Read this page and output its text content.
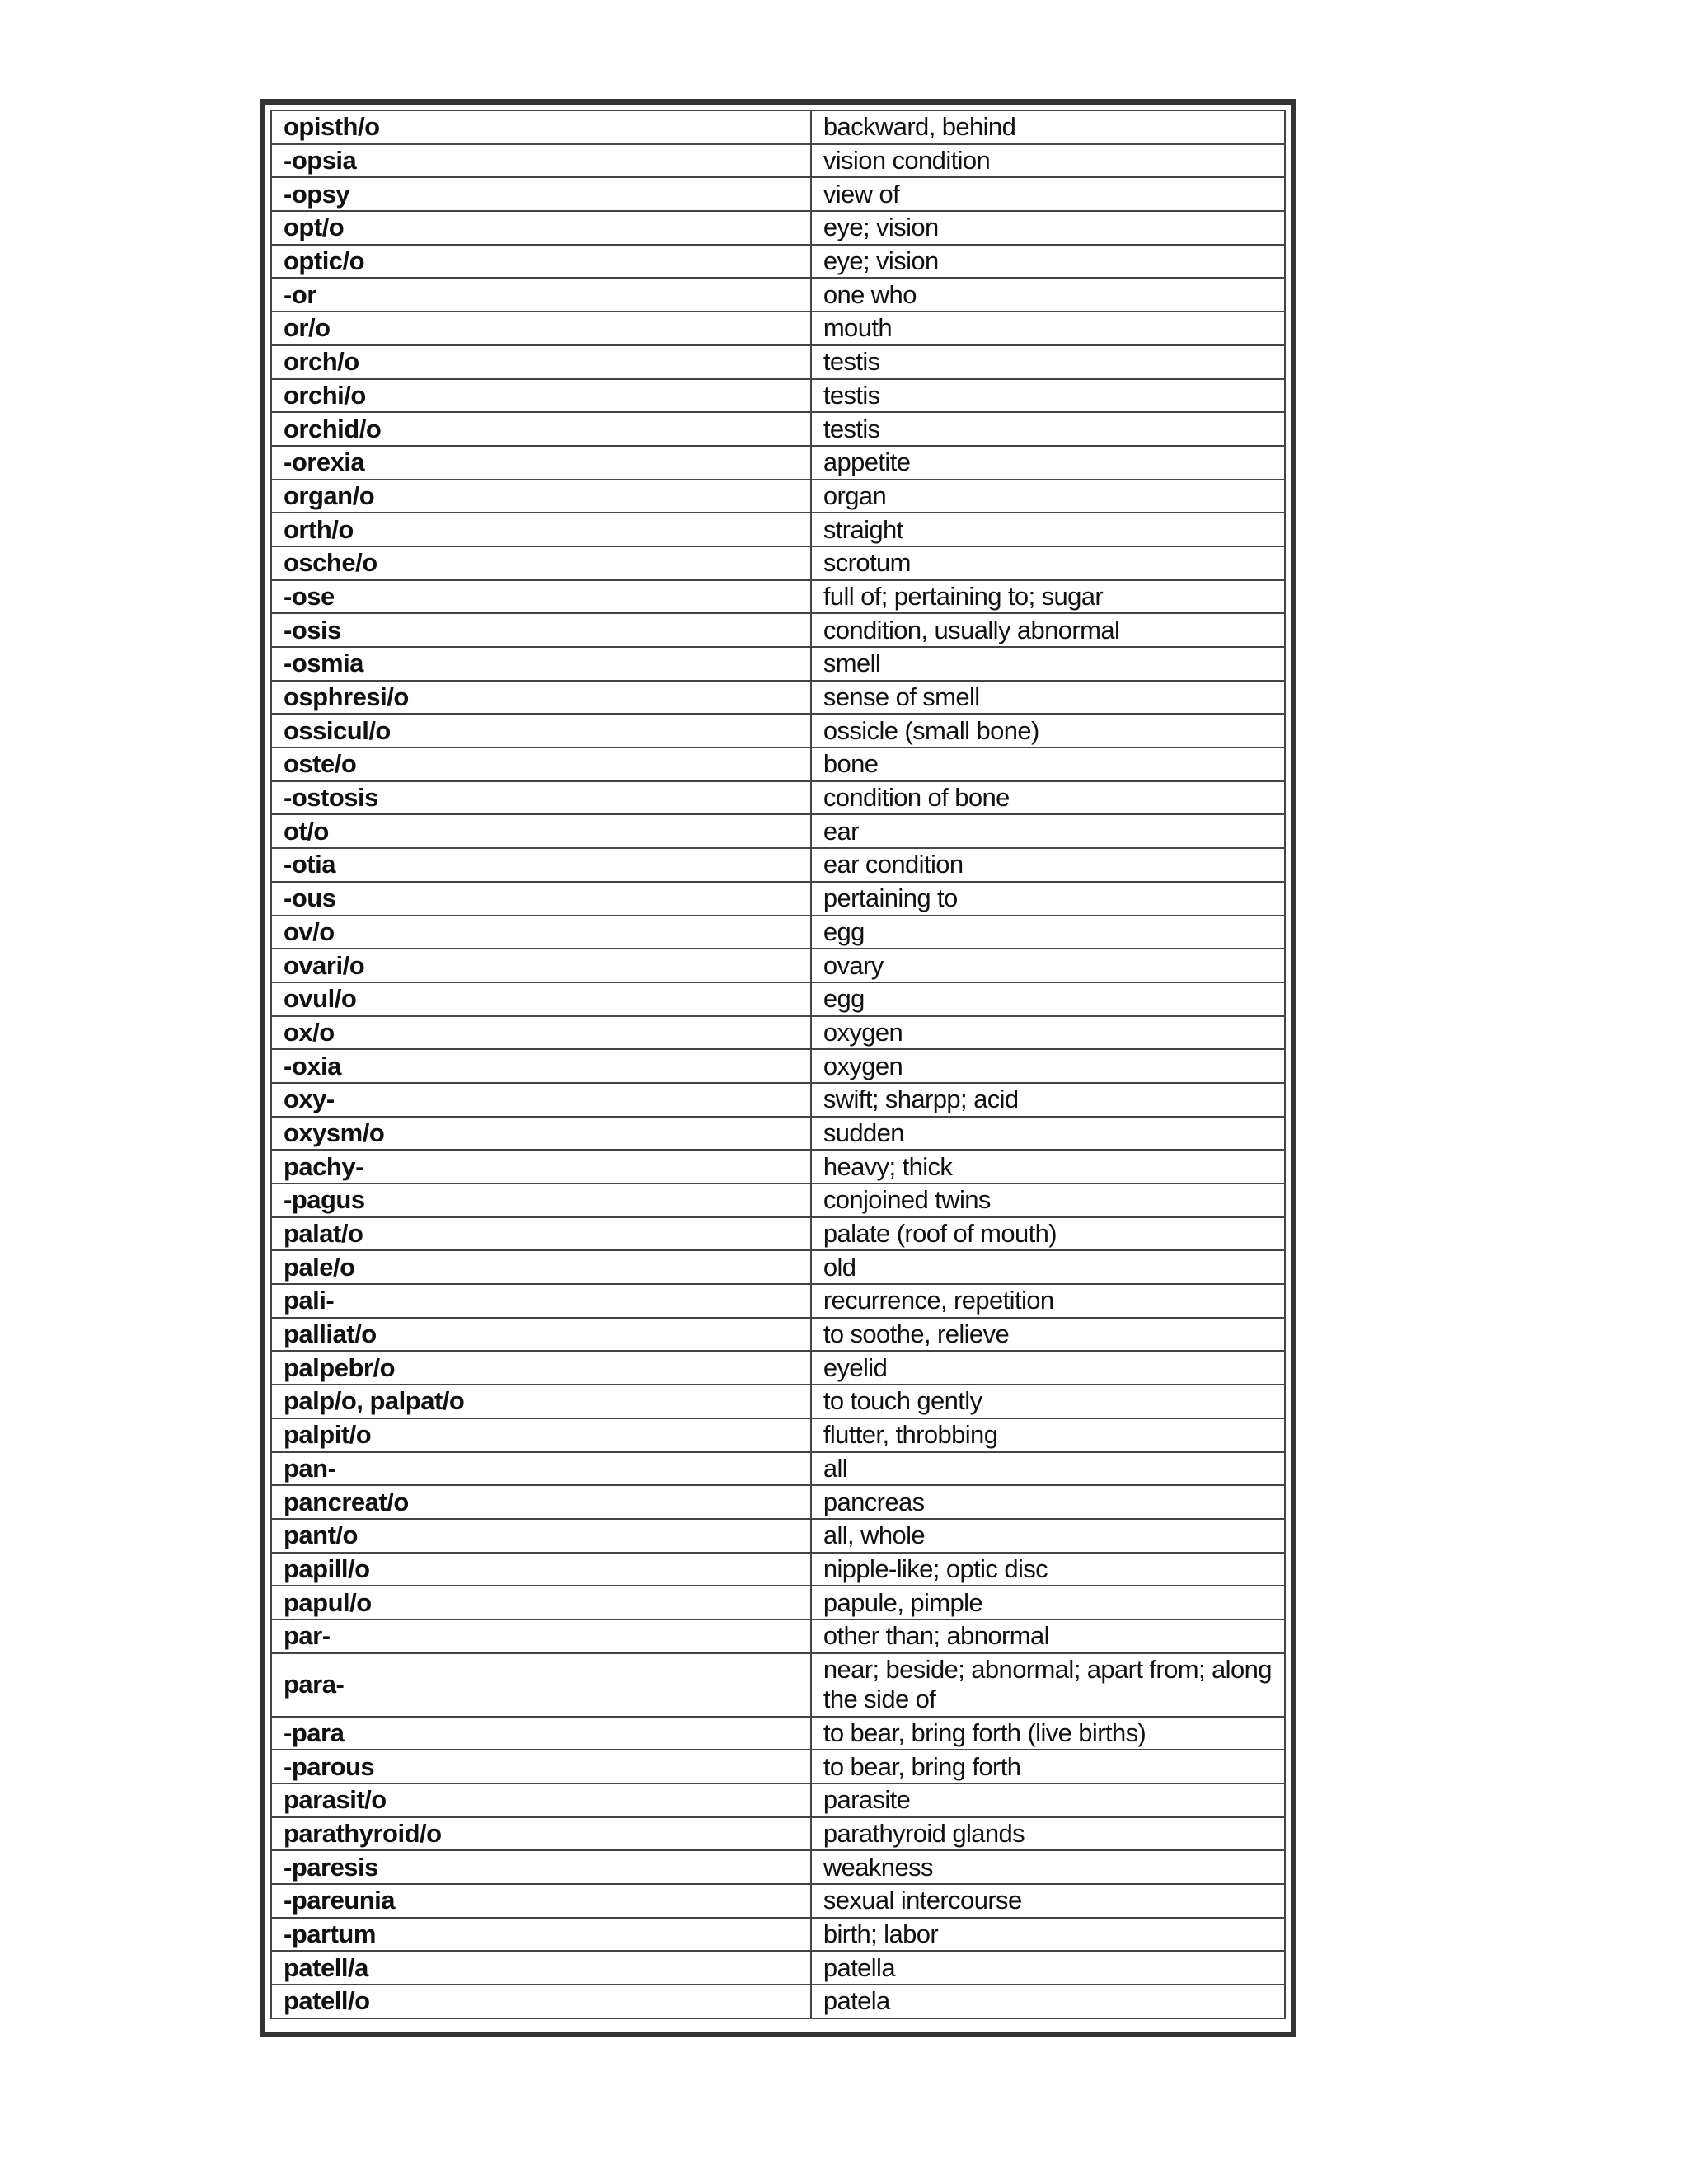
opisth/o	backward, behind
-opsia	vision condition
-opsy	view of
opt/o	eye; vision
optic/o	eye; vision
-or	one who
or/o	mouth
orch/o	testis
orchi/o	testis
orchid/o	testis
-orexia	appetite
organ/o	organ
orth/o	straight
osche/o	scrotum
-ose	full of; pertaining to; sugar
-osis	condition, usually abnormal
-osmia	smell
osphresi/o	sense of smell
ossicul/o	ossicle (small bone)
oste/o	bone
-ostosis	condition of bone
ot/o	ear
-otia	ear condition
-ous	pertaining to
ov/o	egg
ovari/o	ovary
ovul/o	egg
ox/o	oxygen
-oxia	oxygen
oxy-	swift; sharpp; acid
oxysm/o	sudden
pachy-	heavy; thick
-pagus	conjoined twins
palat/o	palate (roof of mouth)
pale/o	old
pali-	recurrence, repetition
palliat/o	to soothe, relieve
palpebr/o	eyelid
palp/o, palpat/o	to touch gently
palpit/o	flutter, throbbing
pan-	all
pancreat/o	pancreas
pant/o	all, whole
papill/o	nipple-like; optic disc
papul/o	papule, pimple
par-	other than; abnormal
para-	near; beside; abnormal; apart from; along the side of
-para	to bear, bring forth (live births)
-parous	to bear, bring forth
parasit/o	parasite
parathyroid/o	parathyroid glands
-paresis	weakness
-pareunia	sexual intercourse
-partum	birth; labor
patell/a	patella
patell/o	patela
